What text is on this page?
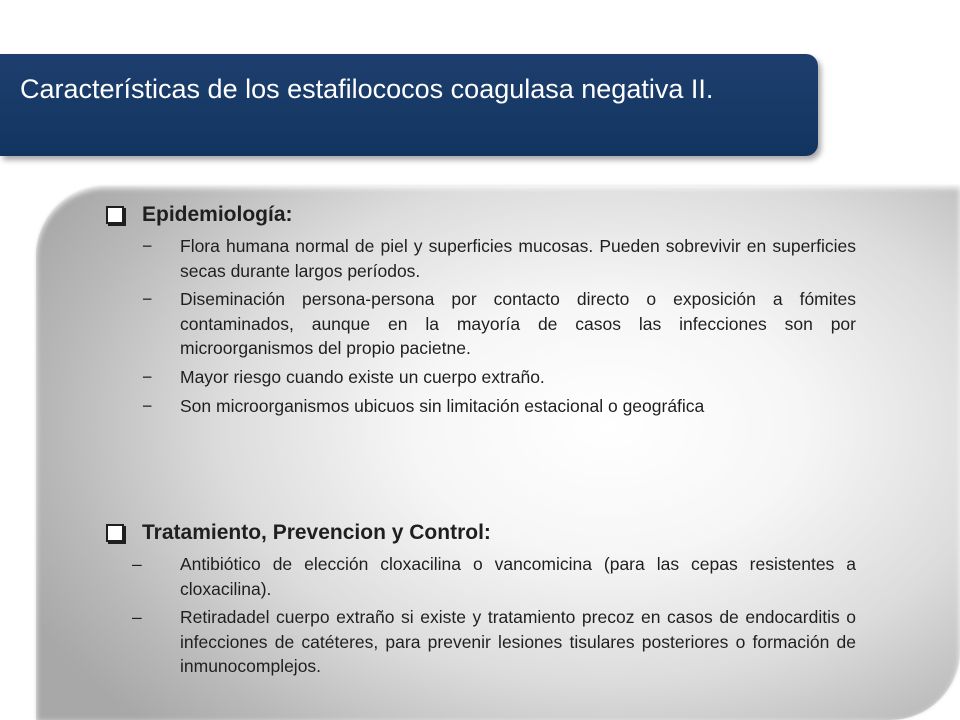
Características de los estafilococos coagulasa negativa II.
Epidemiología:
−	Flora humana normal de piel y superficies mucosas. Pueden sobrevivir en superficies secas durante largos períodos.
−	Diseminación persona-persona por contacto directo o exposición a fómites contaminados, aunque en la mayoría de casos las infecciones son por microorganismos del propio pacietne.
−	Mayor riesgo cuando existe un cuerpo extraño.
−	Son microorganismos ubicuos sin limitación estacional o geográfica
Tratamiento, Prevencion y Control:
–	Antibiótico de elección cloxacilina o vancomicina (para las cepas resistentes a cloxacilina).
–	Retiradadel cuerpo extraño si existe y tratamiento precoz en casos de endocarditis o infecciones de catéteres, para prevenir lesiones tisulares posteriores o formación de inmunocomplejos.
